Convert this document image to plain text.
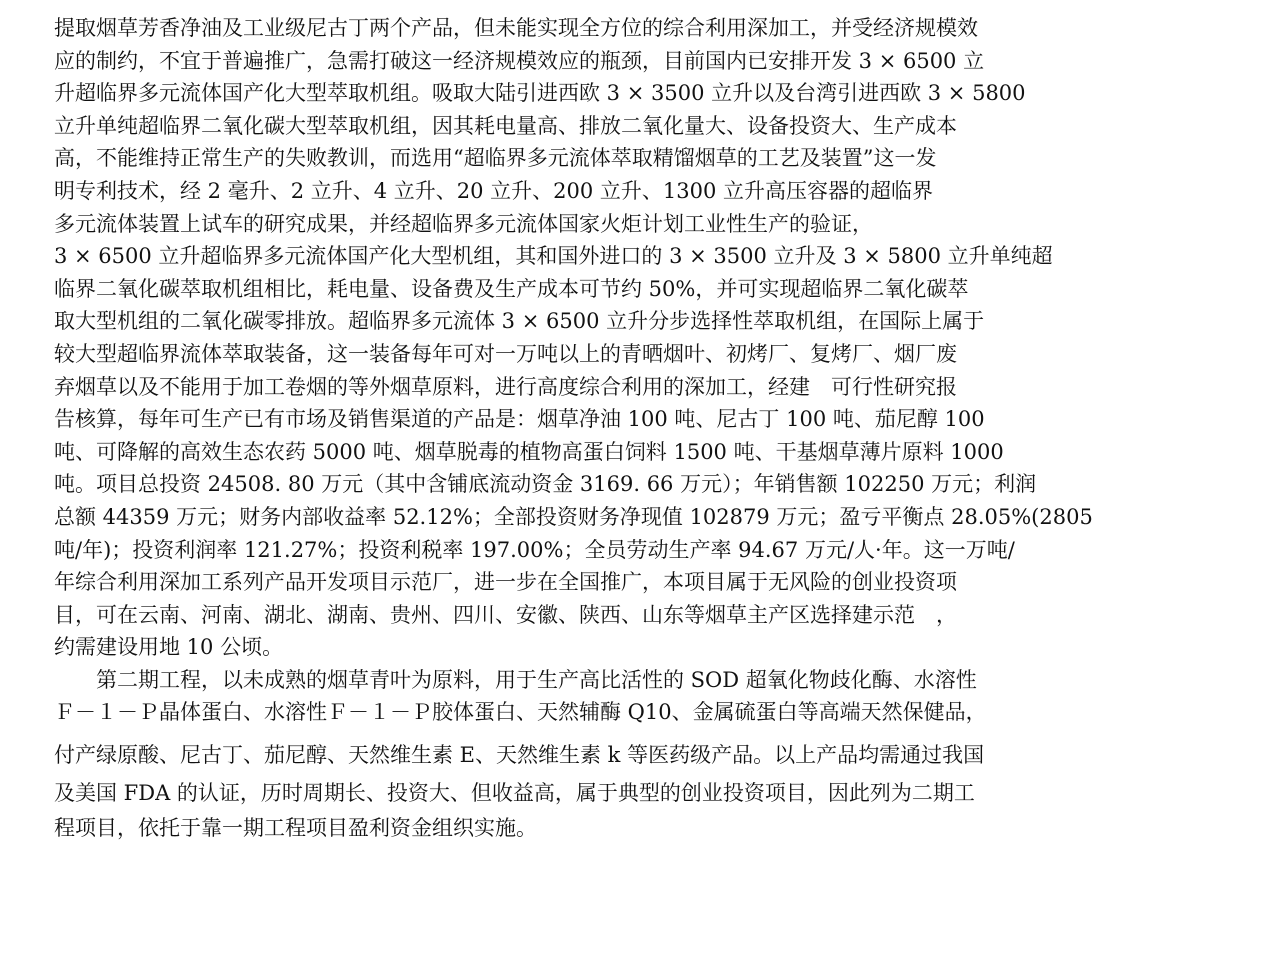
提取烟草芳香净油及工业级尼古丁两个产品，但未能实现全方位的综合利用深加工，并受经济规模效
应的制约，不宜于普遍推广，急需打破这一经济规模效应的瓶颈，目前国内已安排开发 3 × 6500 立
升超临界多元流体国产化大型萃取机组。吸取大陆引进西欧 3 × 3500 立升以及台湾引进西欧 3 × 5800
立升单纯超临界二氧化碳大型萃取机组，因其耗电量高、排放二氧化量大、设备投资大、生产成本
高，不能维持正常生产的失败教训，而选用“超临界多元流体萃取精馏烟草的工艺及装置”这一发
明专利技术，经 2 毫升、2 立升、4 立升、20 立升、200 立升、1300 立升高压容器的超临界
多元流体装置上试车的研究成果，并经超临界多元流体国家火炬计划工业性生产的验证，
3 × 6500 立升超临界多元流体国产化大型机组，其和国外进口的 3 × 3500 立升及 3 × 5800 立升单纯超
临界二氧化碳萃取机组相比，耗电量、设备费及生产成本可节约 50%，并可实现超临界二氧化碳萃
取大型机组的二氧化碳零排放。超临界多元流体 3 × 6500 立升分步选择性萃取机组，在国际上属于
较大型超临界流体萃取装备，这一装备每年可对一万吨以上的青晒烟叶、初烤厂、复烤厂、烟厂废
弃烟草以及不能用于加工卷烟的等外烟草原料，进行高度综合利用的深加工，经建　可行性研究报
告核算，每年可生产已有市场及销售渠道的产品是：烟草净油 100 吨、尼古丁 100 吨、茄尼醇 100
吨、可降解的高效生态农药 5000 吨、烟草脱毒的植物高蛋白饲料 1500 吨、干基烟草薄片原料 1000
吨。项目总投资 24508. 80 万元（其中含铺底流动资金 3169. 66 万元）；年销售额 102250 万元；利润
总额 44359 万元；财务内部收益率 52.12%；全部投资财务净现值 102879 万元；盈亏平衡点 28.05%(2805
吨/年)；投资利润率 121.27%；投资利税率 197.00%；全员劳动生产率 94.67 万元/人·年。这一万吨/
年综合利用深加工系列产品开发项目示范厂，进一步在全国推广，本项目属于无风险的创业投资项
目，可在云南、河南、湖北、湖南、贵州、四川、安徽、陕西、山东等烟草主产区选择建示范　，
约需建设用地 10 公顷。
第二期工程，以未成熟的烟草青叶为原料，用于生产高比活性的 SOD 超氧化物歧化酶、水溶性
Ｆ－１－Ｐ晶体蛋白、水溶性Ｆ－１－Ｐ胶体蛋白、天然辅酶 Q10、金属硫蛋白等高端天然保健品，
付产绿原酸、尼古丁、茄尼醇、天然维生素 E、天然维生素 k 等医药级产品。以上产品均需通过我国
及美国 FDA 的认证，历时周期长、投资大、但收益高，属于典型的创业投资项目，因此列为二期工
程项目，依托于靠一期工程项目盈利资金组织实施。
